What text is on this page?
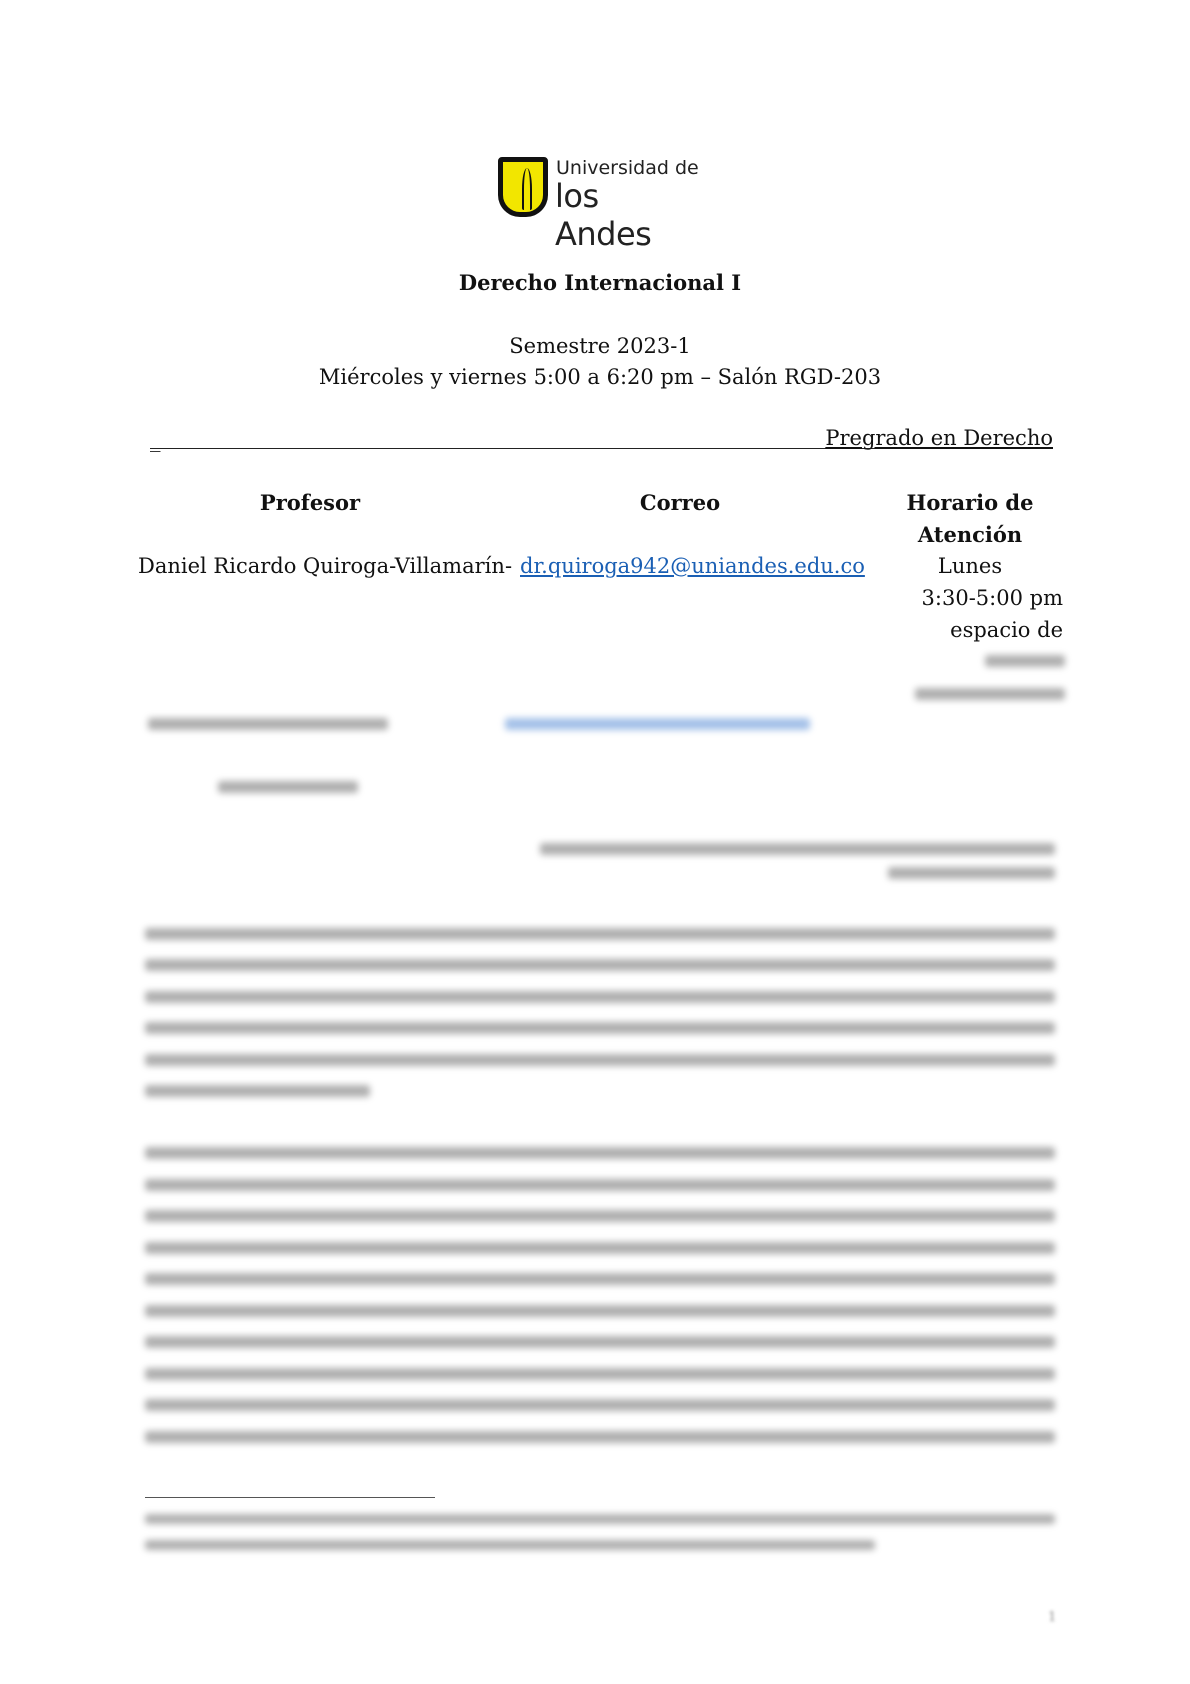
Universidad de
los Andes
Derecho Internacional I
Semestre 2023-1
Miércoles y viernes 5:00 a 6:20 pm – Salón RGD-203
_	Pregrado en Derecho
Profesor	Correo	Horario de
Atención
Daniel Ricardo Quiroga-Villamarín - dr.quiroga942@uniandes.edu.co	Lunes
3:30-5:00 pm
espacio de
1
